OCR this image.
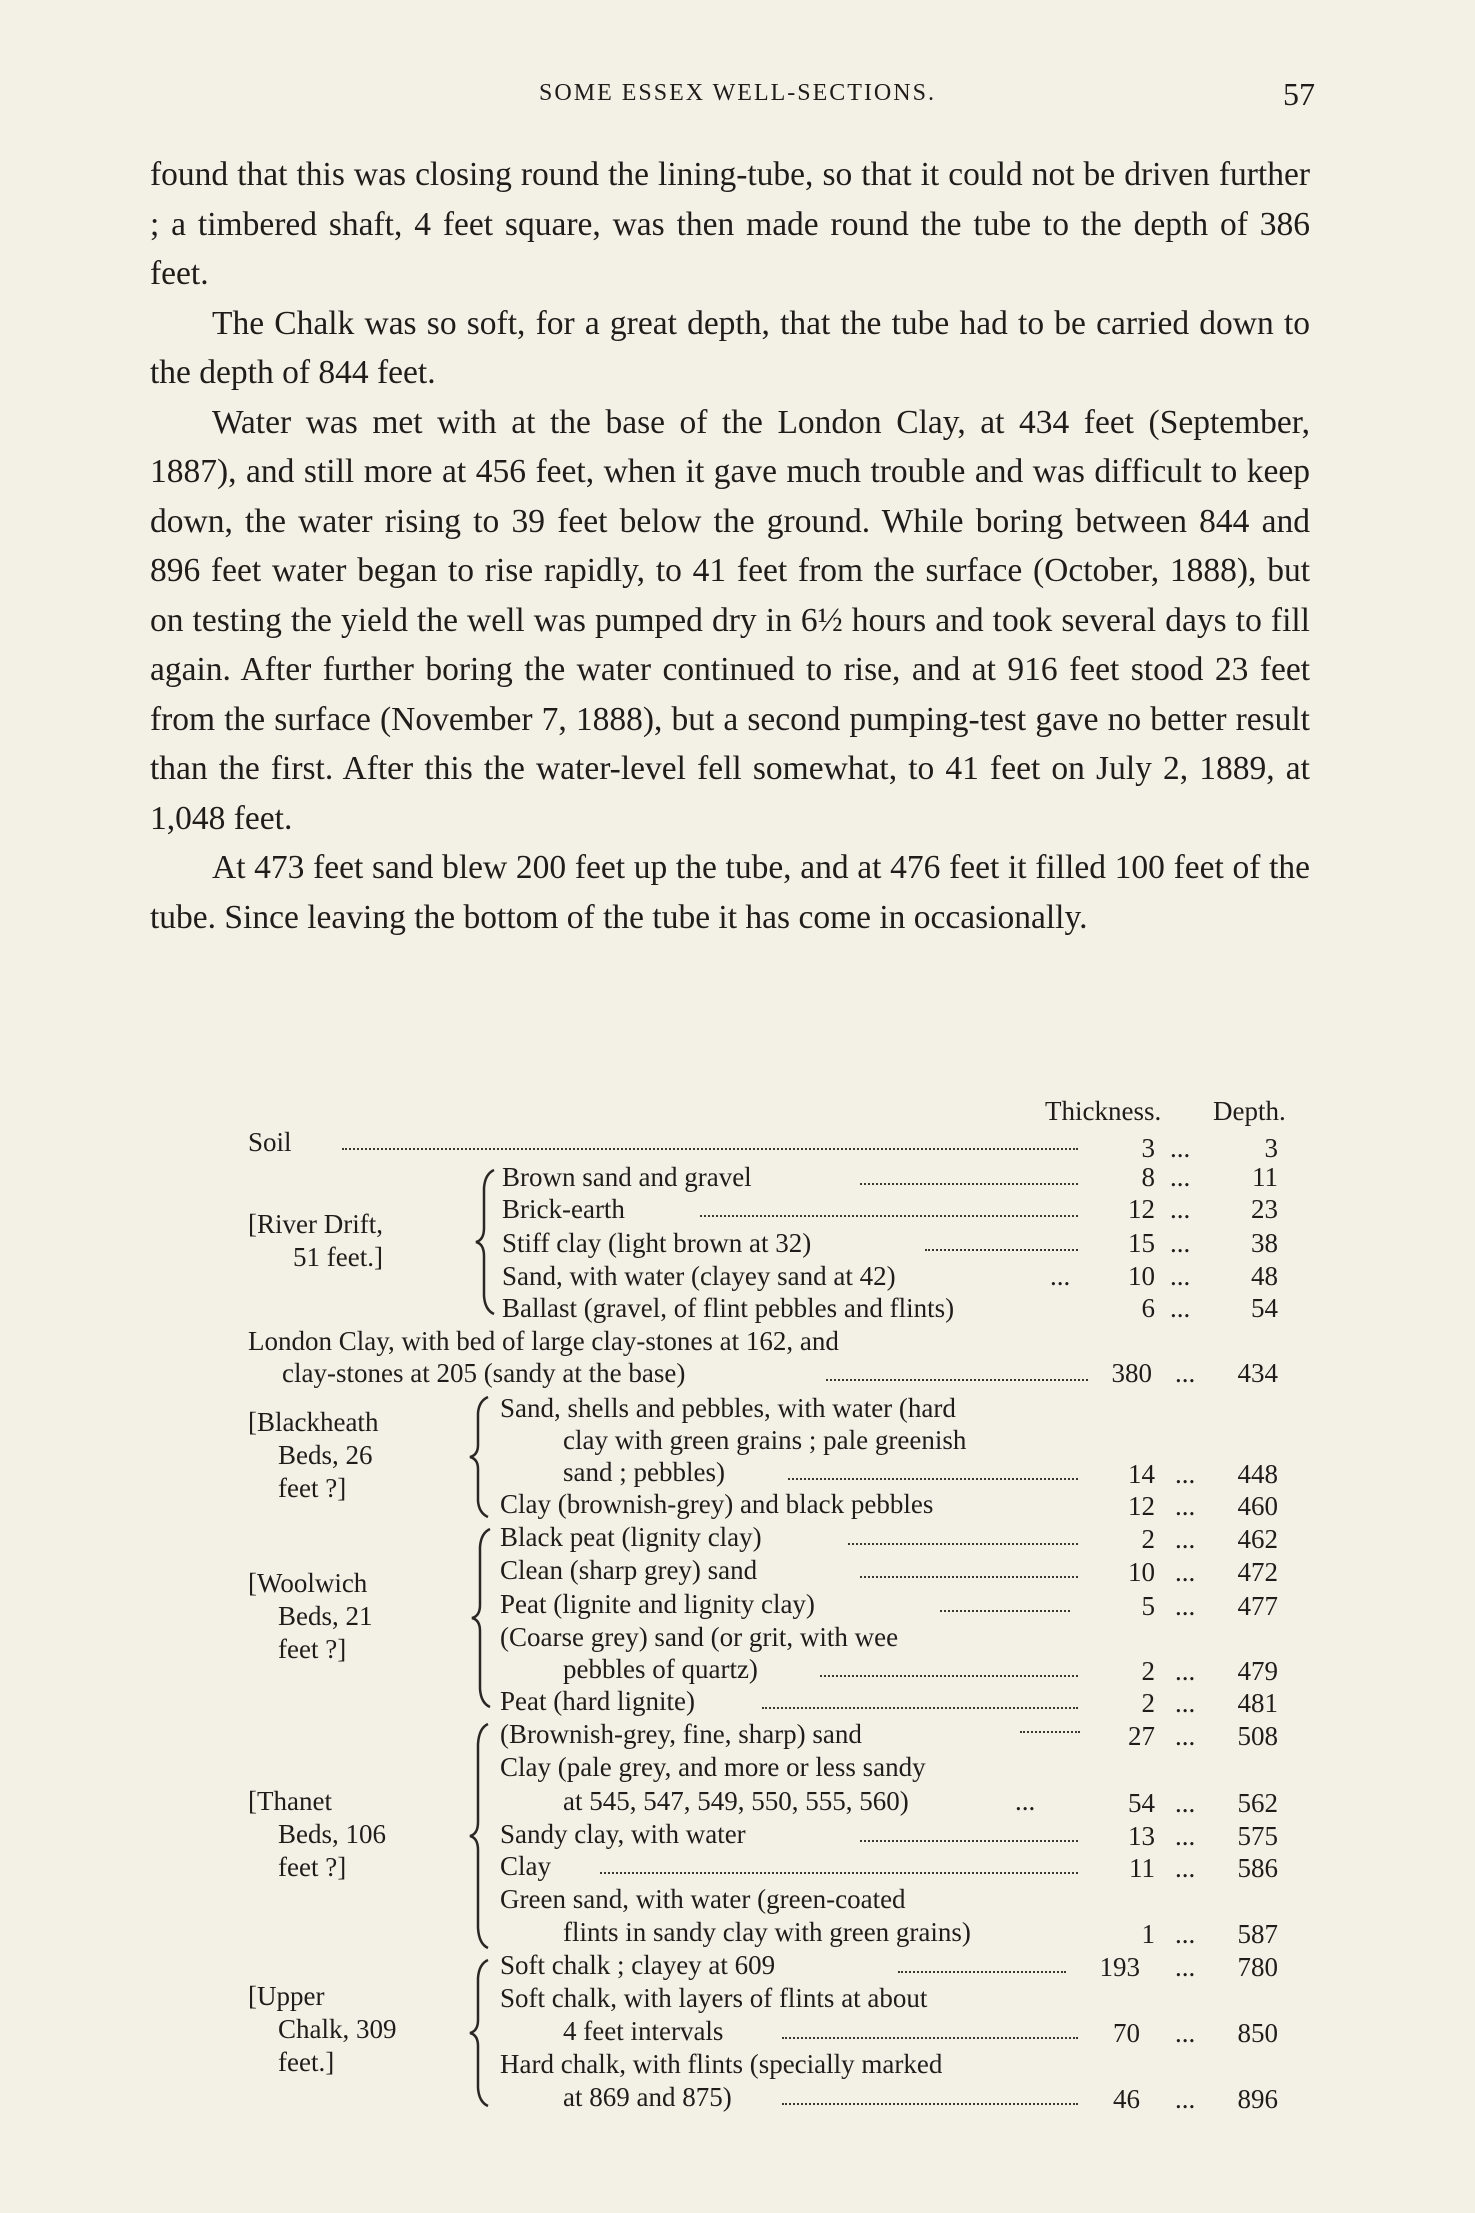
SOME ESSEX WELL-SECTIONS.	57

found that this was closing round the lining-tube, so that it could not be driven further ; a timbered shaft, 4 feet square, was then made round the tube to the depth of 386 feet.

The Chalk was so soft, for a great depth, that the tube had to be carried down to the depth of 844 feet.

Water was met with at the base of the London Clay, at 434 feet (September, 1887), and still more at 456 feet, when it gave much trouble and was difficult to keep down, the water rising to 39 feet below the ground. While boring between 844 and 896 feet water began to rise rapidly, to 41 feet from the surface (October, 1888), but on testing the yield the well was pumped dry in 6½ hours and took several days to fill again. After further boring the water continued to rise, and at 916 feet stood 23 feet from the surface (November 7, 1888), but a second pumping-test gave no better result than the first. After this the water-level fell somewhat, to 41 feet on July 2, 1889, at 1,048 feet.

At 473 feet sand blew 200 feet up the tube, and at 476 feet it filled 100 feet of the tube. Since leaving the bottom of the tube it has come in occasionally.

Thickness. Depth.
Soil	3 ...	3
[River Drift,
51 feet.]
Brown sand and gravel	8 ...	11
Brick-earth	12 ...	23
Stiff clay (light brown at 32)	15 ...	38
Sand, with water (clayey sand at 42)	...	10 ...	48
Ballast (gravel, of flint pebbles and flints)	6 ...	54
London Clay, with bed of large clay-stones at 162, and
clay-stones at 205 (sandy at the base)	380 ...	434
[Blackheath
Beds, 26
feet ?]
Sand, shells and pebbles, with water (hard
clay with green grains ; pale greenish
sand ; pebbles)	14 ...	448
Clay (brownish-grey) and black pebbles	12 ...	460
[Woolwich
Beds, 21
feet ?]
Black peat (lignity clay)	2 ...	462
Clean (sharp grey) sand	10 ...	472
Peat (lignite and lignity clay)	5 ...	477
(Coarse grey) sand (or grit, with wee
pebbles of quartz)	2 ...	479
Peat (hard lignite)	2 ...	481
[Thanet
Beds, 106
feet ?]
(Brownish-grey, fine, sharp) sand	27 ...	508
Clay (pale grey, and more or less sandy
at 545, 547, 549, 550, 555, 560)	...	54 ...	562
Sandy clay, with water	13 ...	575
Clay	11 ...	586
Green sand, with water (green-coated
flints in sandy clay with green grains)	1 ...	587
[Upper
Chalk, 309
feet.]
Soft chalk ; clayey at 609	193 ...	780
Soft chalk, with layers of flints at about
4 feet intervals	70 ...	850
Hard chalk, with flints (specially marked
at 869 and 875)	46 ...	896
